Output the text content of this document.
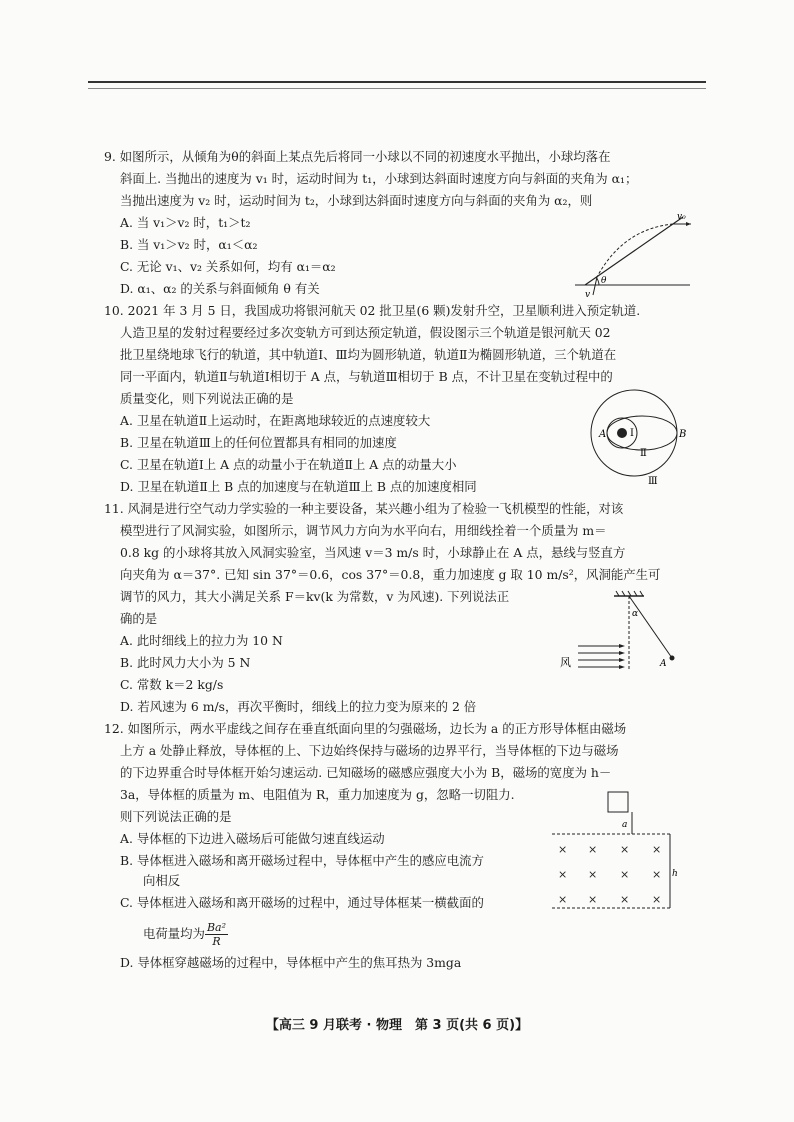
9. 如图所示，从倾角为θ的斜面上某点先后将同一小球以不同的初速度水平抛出，小球均落在
斜面上. 当抛出的速度为 v₁ 时，运动时间为 t₁，小球到达斜面时速度方向与斜面的夹角为 α₁；
当抛出速度为 v₂ 时，运动时间为 t₂，小球到达斜面时速度方向与斜面的夹角为 α₂，则
A. 当 v₁＞v₂ 时，t₁＞t₂
B. 当 v₁＞v₂ 时，α₁＜α₂
C. 无论 v₁、v₂ 关系如何，均有 α₁＝α₂
D. α₁、α₂ 的关系与斜面倾角 θ 有关
v₀
θ
v
10. 2021 年 3 月 5 日，我国成功将银河航天 02 批卫星(6 颗)发射升空，卫星顺利进入预定轨道.
人造卫星的发射过程要经过多次变轨方可到达预定轨道，假设图示三个轨道是银河航天 02
批卫星绕地球飞行的轨道，其中轨道Ⅰ、Ⅲ均为圆形轨道，轨道Ⅱ为椭圆形轨道，三个轨道在
同一平面内，轨道Ⅱ与轨道Ⅰ相切于 A 点，与轨道Ⅲ相切于 B 点，不计卫星在变轨过程中的
质量变化，则下列说法正确的是
A. 卫星在轨道Ⅱ上运动时，在距离地球较近的点速度较大
B. 卫星在轨道Ⅲ上的任何位置都具有相同的加速度
C. 卫星在轨道Ⅰ上 A 点的动量小于在轨道Ⅱ上 A 点的动量大小
D. 卫星在轨道Ⅱ上 B 点的加速度与在轨道Ⅲ上 B 点的加速度相同
A Ⅰ	B
Ⅱ
Ⅲ
11. 风洞是进行空气动力学实验的一种主要设备，某兴趣小组为了检验一飞机模型的性能，对该
模型进行了风洞实验，如图所示，调节风力方向为水平向右，用细线拴着一个质量为 m＝
0.8 kg 的小球将其放入风洞实验室，当风速 v＝3 m/s 时，小球静止在 A 点，悬线与竖直方
向夹角为 α＝37°. 已知 sin 37°＝0.6，cos 37°＝0.8，重力加速度 g 取 10 m/s²，风洞能产生可
调节的风力，其大小满足关系 F＝kv(k 为常数，v 为风速). 下列说法正
确的是
A. 此时细线上的拉力为 10 N
B. 此时风力大小为 5 N
C. 常数 k＝2 kg/s
D. 若风速为 6 m/s，再次平衡时，细线上的拉力变为原来的 2 倍
α
风	A
12. 如图所示，两水平虚线之间存在垂直纸面向里的匀强磁场，边长为 a 的正方形导体框由磁场
上方 a 处静止释放，导体框的上、下边始终保持与磁场的边界平行，当导体框的下边与磁场
的下边界重合时导体框开始匀速运动. 已知磁场的磁感应强度大小为 B，磁场的宽度为 h－
3a，导体框的质量为 m、电阻值为 R，重力加速度为 g，忽略一切阻力.
则下列说法正确的是
A. 导体框的下边进入磁场后可能做匀速直线运动
B. 导体框进入磁场和离开磁场过程中，导体框中产生的感应电流方
向相反
C. 导体框进入磁场和离开磁场的过程中，通过导体框某一横截面的
电荷量均为 $\frac{\text{Ba²}}{R}$
D. 导体框穿越磁场的过程中，导体框中产生的焦耳热为 3mga
a
h
× × × ×
× × × ×
× × × ×
【高三 9 月联考 · 物理　第 3 页(共 6 页)】
